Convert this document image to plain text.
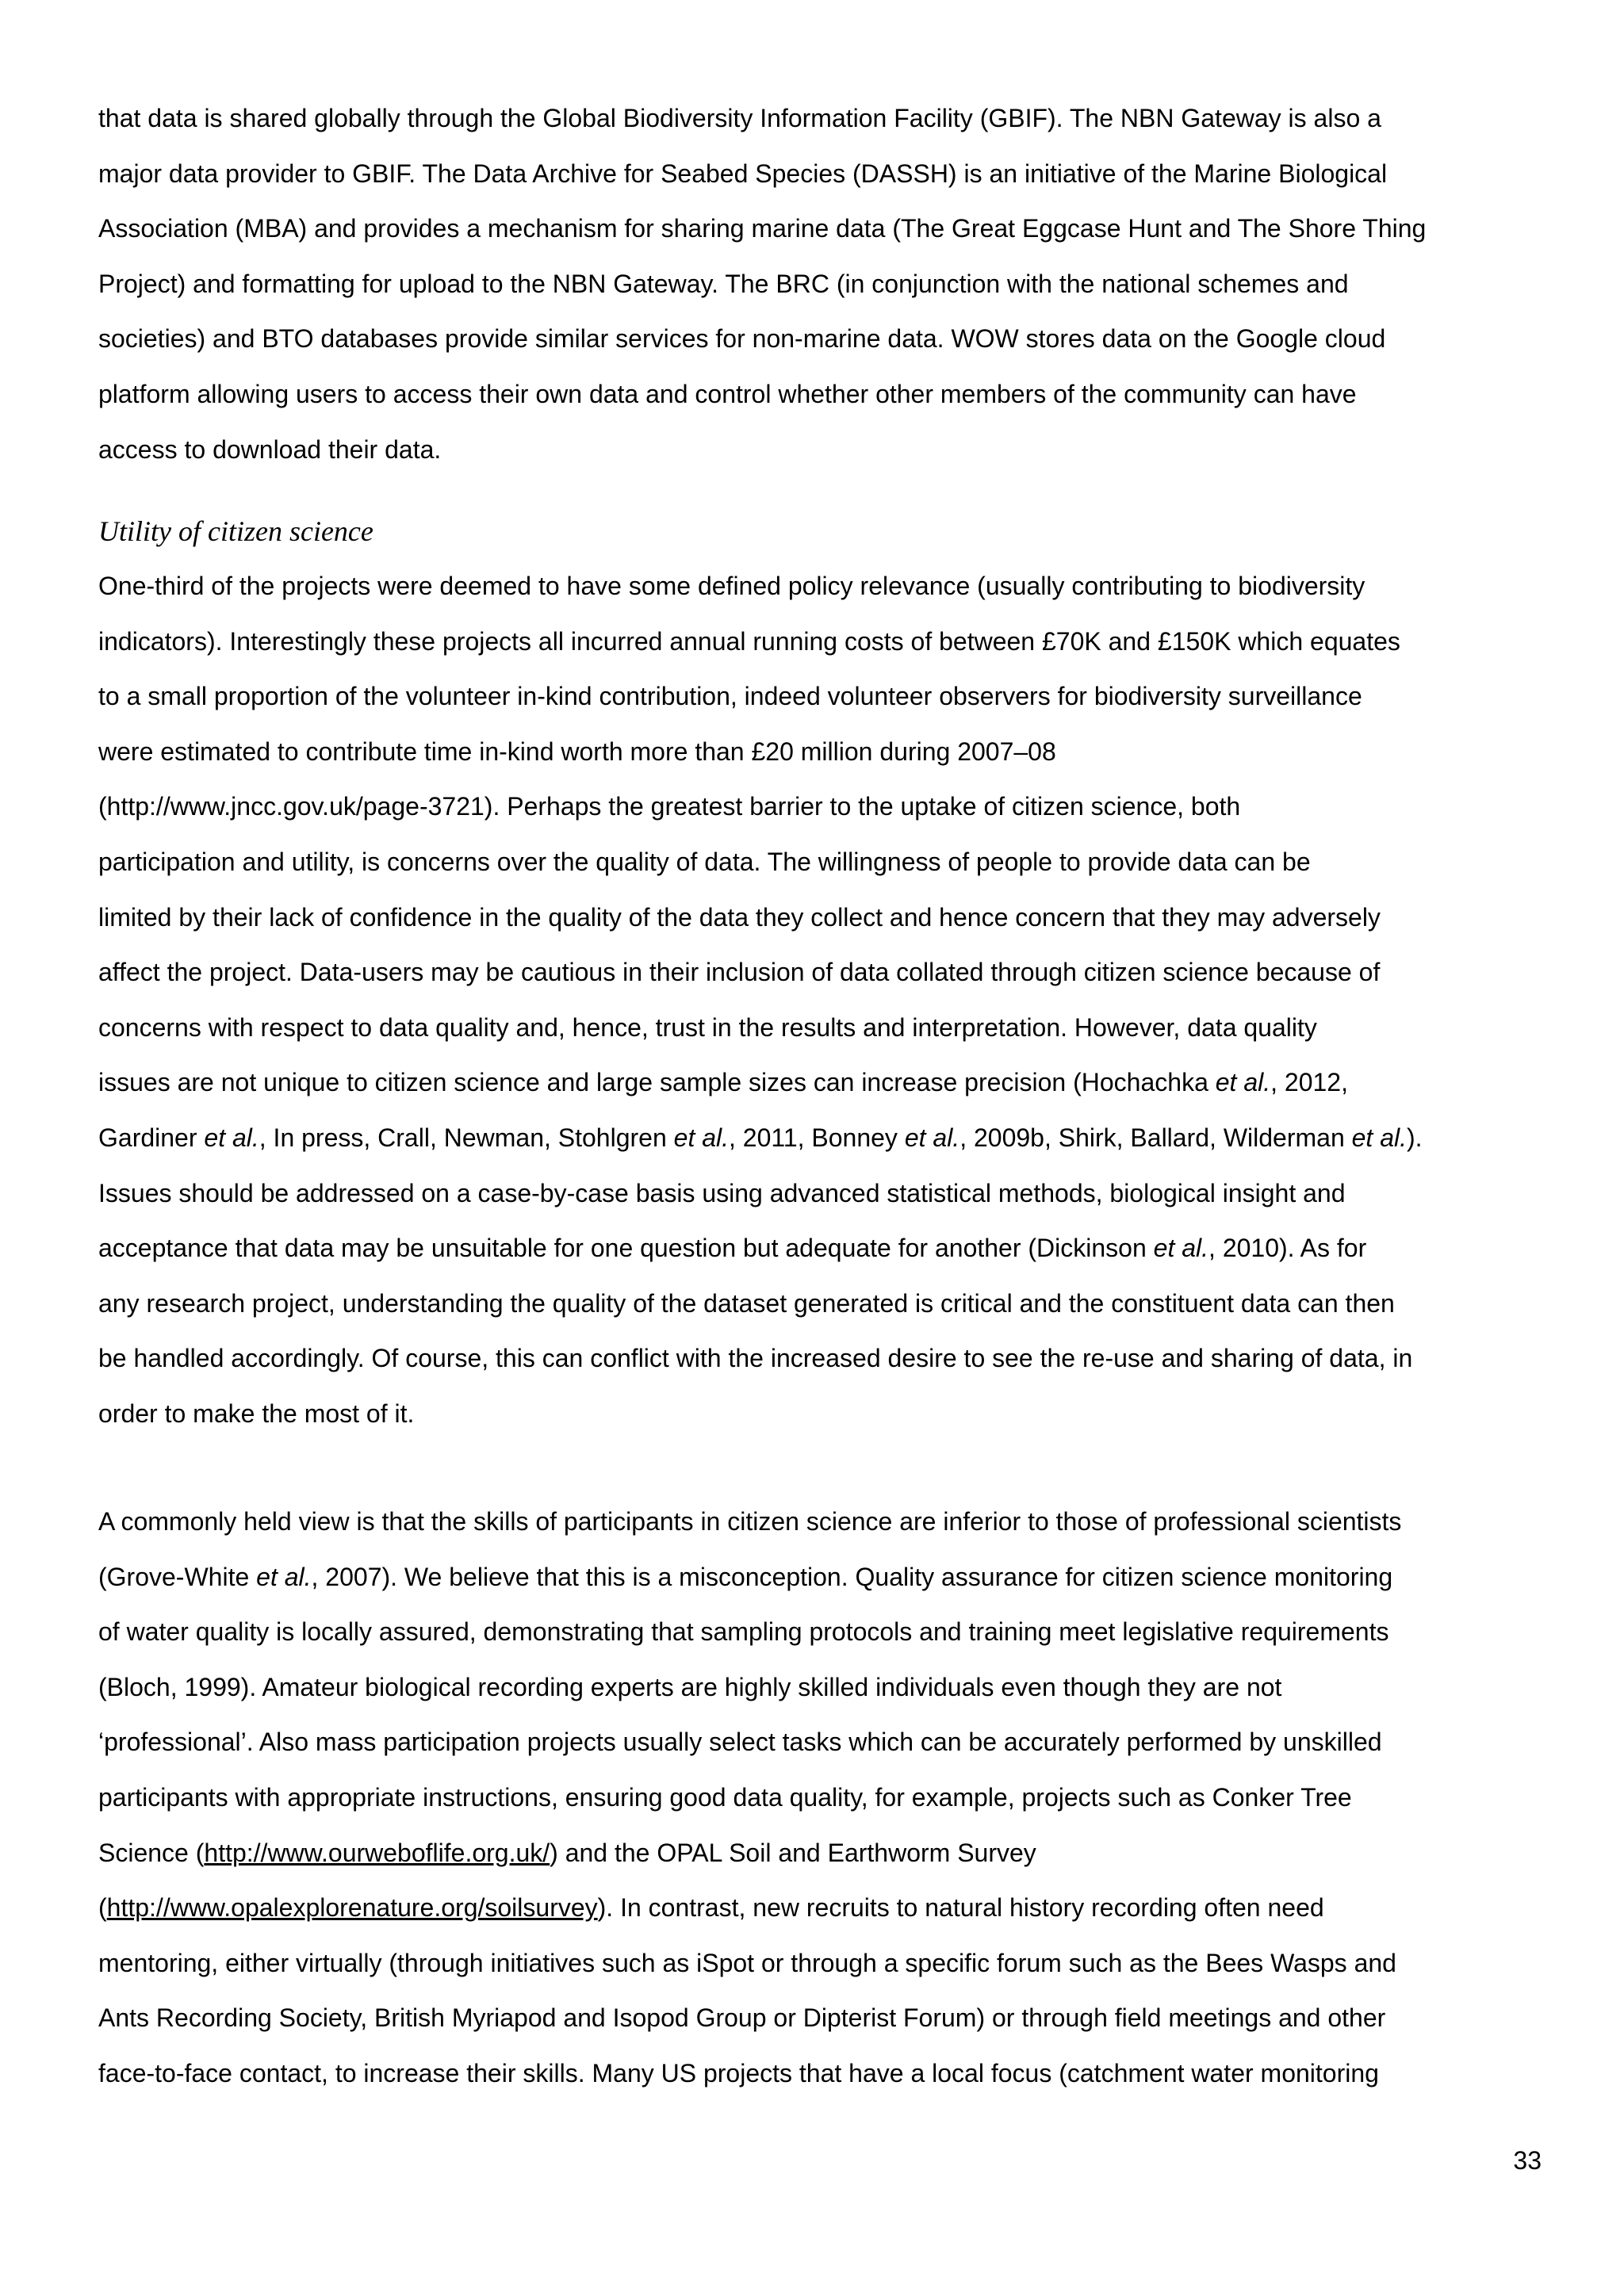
that data is shared globally through the Global Biodiversity Information Facility (GBIF). The NBN Gateway is also a
major data provider to GBIF. The Data Archive for Seabed Species (DASSH) is an initiative of the Marine Biological
Association (MBA) and provides a mechanism for sharing marine data (The Great Eggcase Hunt and The Shore Thing
Project) and formatting for upload to the NBN Gateway. The BRC (in conjunction with the national schemes and
societies) and BTO databases provide similar services for non-marine data. WOW stores data on the Google cloud
platform allowing users to access their own data and control whether other members of the community can have
access to download their data.
Utility of citizen science
One-third of the projects were deemed to have some defined policy relevance (usually contributing to biodiversity
indicators). Interestingly these projects all incurred annual running costs of between £70K and £150K which equates
to a small proportion of the volunteer in-kind contribution, indeed volunteer observers for biodiversity surveillance
were estimated to contribute time in-kind worth more than £20 million during 2007–08
(http://www.jncc.gov.uk/page-3721). Perhaps the greatest barrier to the uptake of citizen science, both
participation and utility, is concerns over the quality of data. The willingness of people to provide data can be
limited by their lack of confidence in the quality of the data they collect and hence concern that they may adversely
affect the project. Data-users may be cautious in their inclusion of data collated through citizen science because of
concerns with respect to data quality and, hence, trust in the results and interpretation. However, data quality
issues are not unique to citizen science and large sample sizes can increase precision (Hochachka et al., 2012,
Gardiner et al., In press, Crall, Newman, Stohlgren et al., 2011, Bonney et al., 2009b, Shirk, Ballard, Wilderman et al.).
Issues should be addressed on a case-by-case basis using advanced statistical methods, biological insight and
acceptance that data may be unsuitable for one question but adequate for another (Dickinson et al., 2010). As for
any research project, understanding the quality of the dataset generated is critical and the constituent data can then
be handled accordingly. Of course, this can conflict with the increased desire to see the re-use and sharing of data, in
order to make the most of it.
A commonly held view is that the skills of participants in citizen science are inferior to those of professional scientists
(Grove-White et al., 2007). We believe that this is a misconception. Quality assurance for citizen science monitoring
of water quality is locally assured, demonstrating that sampling protocols and training meet legislative requirements
(Bloch, 1999). Amateur biological recording experts are highly skilled individuals even though they are not
‘professional’. Also mass participation projects usually select tasks which can be accurately performed by unskilled
participants with appropriate instructions, ensuring good data quality, for example, projects such as Conker Tree
Science (http://www.ourweboflife.org.uk/) and the OPAL Soil and Earthworm Survey
(http://www.opalexplorenature.org/soilsurvey). In contrast, new recruits to natural history recording often need
mentoring, either virtually (through initiatives such as iSpot or through a specific forum such as the Bees Wasps and
Ants Recording Society, British Myriapod and Isopod Group or Dipterist Forum) or through field meetings and other
face-to-face contact, to increase their skills. Many US projects that have a local focus (catchment water monitoring
33
